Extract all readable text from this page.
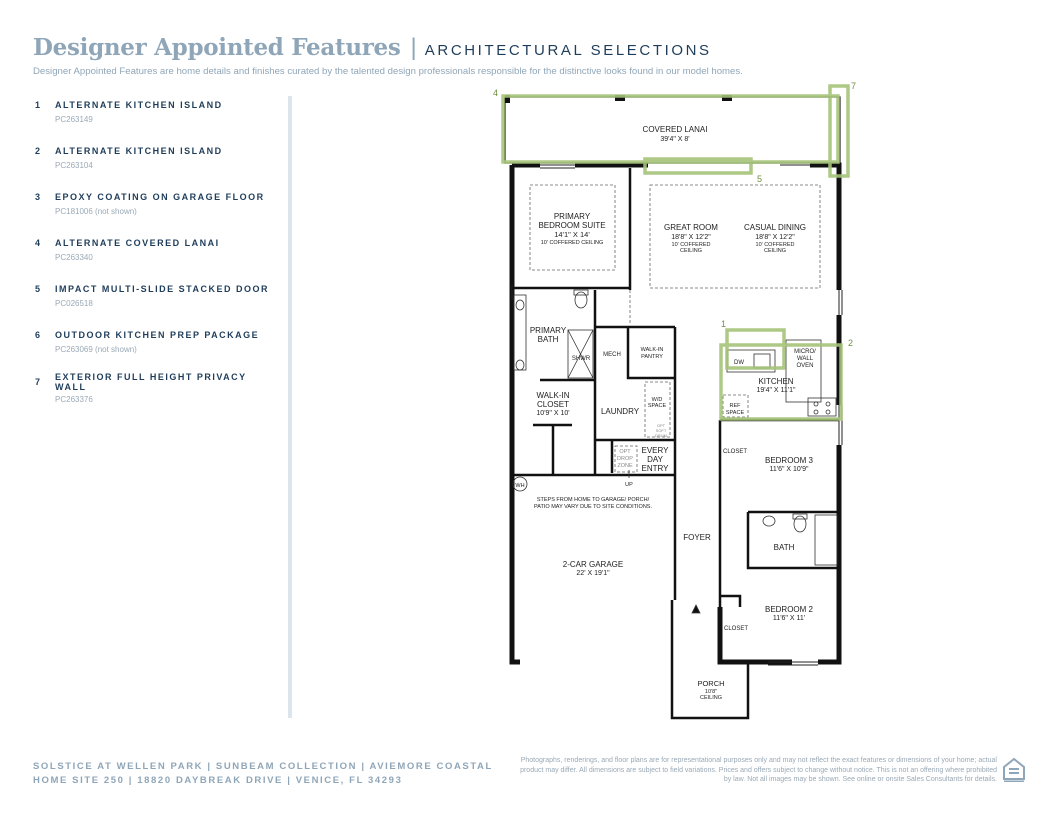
Designer Appointed Features | ARCHITECTURAL SELECTIONS
Designer Appointed Features are home details and finishes curated by the talented design professionals responsible for the distinctive looks found in our model homes.
1 ALTERNATE KITCHEN ISLAND
PC263149
2 ALTERNATE KITCHEN ISLAND
PC263104
3 EPOXY COATING ON GARAGE FLOOR
PC181006 (not shown)
4 ALTERNATE COVERED LANAI
PC263340
5 IMPACT MULTI-SLIDE STACKED DOOR
PC026518
6 OUTDOOR KITCHEN PREP PACKAGE
PC263069 (not shown)
7 EXTERIOR FULL HEIGHT PRIVACY WALL
PC263376
4
7
5
1
2
COVERED LANAI
39'4" X 8'
PRIMARY
BEDROOM SUITE
14'1" X 14'
10' COFFERED CEILING
GREAT ROOM
18'8" X 12'2"
10' COFFERED
CEILING
CASUAL DINING
18'8" X 12'2"
10' COFFERED
CEILING
PRIMARY
BATH
SHWR
MECH
WALK-IN
PANTRY
DW
MICRO/
WALL
OVEN
KITCHEN
19'4" X 11'1"
REF
SPACE
WALK-IN
CLOSET
10'9" X 10'	LAUNDRY
W/D
SPACE
OPT
SOFT
DRUM
OPT
DROP
ZONE
EVERY
DAY
ENTRY
UP
WH
CLOSET
BEDROOM 3
11'6" X 10'9"
STEPS FROM HOME TO GARAGE/ PORCH/
PATIO MAY VARY DUE TO SITE CONDITIONS.
2-CAR GARAGE
22' X 19'1"
FOYER
BATH
BEDROOM 2
11'6" X 11'
CLOSET
PORCH
10'8"
CEILING
SOLSTICE AT WELLEN PARK | SUNBEAM COLLECTION | AVIEMORE COASTAL
HOME SITE 250 | 18820 DAYBREAK DRIVE | VENICE, FL 34293
Photographs, renderings, and floor plans are for representational purposes only and may not reflect the exact features or dimensions of your home; actual product may differ. All dimensions are subject to field variations. Prices and offers subject to change without notice. This is not an offering where prohibited by law. Not all images may be shown. See online or onsite Sales Consultants for details.
